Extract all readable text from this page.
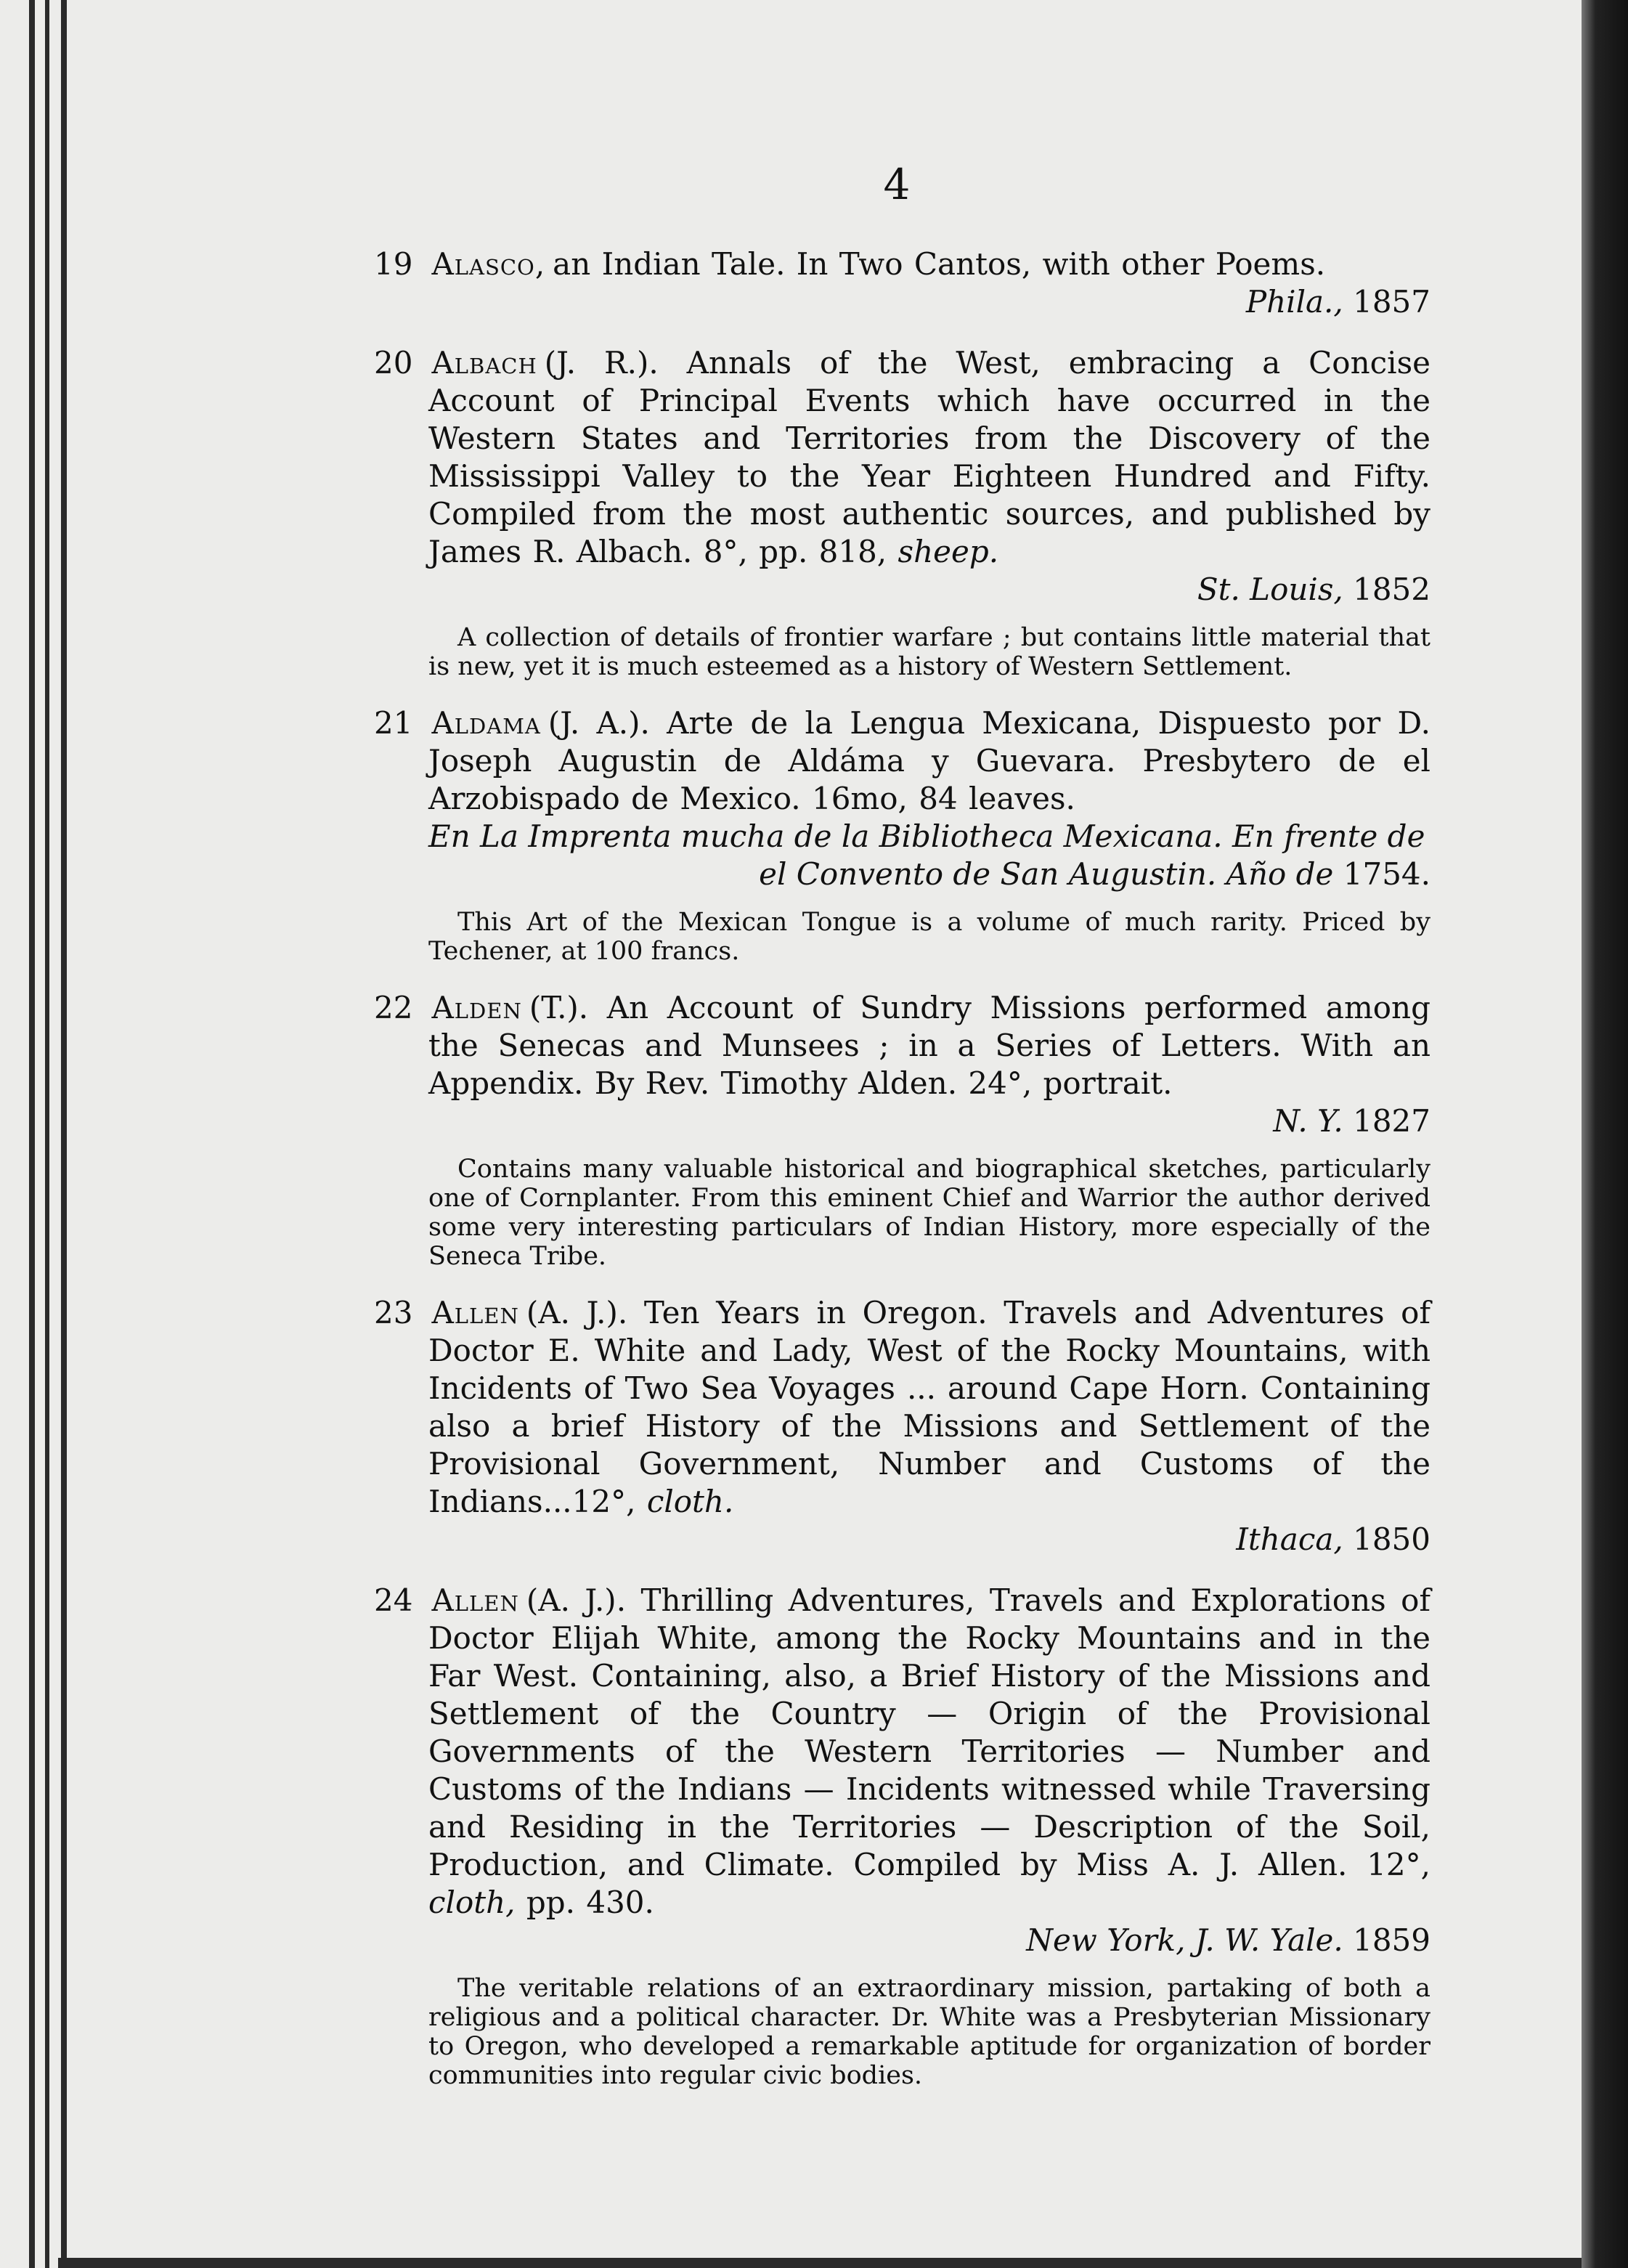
4
19 Alasco, an Indian Tale. In Two Cantos, with other Poems.
Phila., 1857
20 Albach (J. R.). Annals of the West, embracing a Concise Account of Principal Events which have occurred in the Western States and Territories from the Discovery of the Mississippi Valley to the Year Eighteen Hundred and Fifty. Compiled from the most authentic sources, and published by James R. Albach. 8°, pp. 818, sheep.
St. Louis, 1852
A collection of details of frontier warfare ; but contains little material that is new, yet it is much esteemed as a history of Western Settlement.
21 Aldama (J. A.). Arte de la Lengua Mexicana, Dispuesto por D. Joseph Augustin de Aldáma y Guevara. Presbytero de el Arzobispado de Mexico. 16mo, 84 leaves.
En La Imprenta mucha de la Bibliotheca Mexicana. En frente de
el Convento de San Augustin. Año de 1754.
This Art of the Mexican Tongue is a volume of much rarity. Priced by Techener, at 100 francs.
22 Alden (T.). An Account of Sundry Missions performed among the Senecas and Munsees ; in a Series of Letters. With an Appendix. By Rev. Timothy Alden. 24°, portrait.
N. Y. 1827
Contains many valuable historical and biographical sketches, particularly one of Cornplanter. From this eminent Chief and Warrior the author derived some very interesting particulars of Indian History, more especially of the Seneca Tribe.
23 Allen (A. J.). Ten Years in Oregon. Travels and Adventures of Doctor E. White and Lady, West of the Rocky Mountains, with Incidents of Two Sea Voyages ... around Cape Horn. Containing also a brief History of the Missions and Settlement of the Provisional Government, Number and Customs of the Indians...12°, cloth.
Ithaca, 1850
24 Allen (A. J.). Thrilling Adventures, Travels and Explorations of Doctor Elijah White, among the Rocky Mountains and in the Far West. Containing, also, a Brief History of the Missions and Settlement of the Country — Origin of the Provisional Governments of the Western Territories — Number and Customs of the Indians — Incidents witnessed while Traversing and Residing in the Territories — Description of the Soil, Production, and Climate. Compiled by Miss A. J. Allen. 12°, cloth, pp. 430.
New York, J. W. Yale. 1859
The veritable relations of an extraordinary mission, partaking of both a religious and a political character. Dr. White was a Presbyterian Missionary to Oregon, who developed a remarkable aptitude for organization of border communities into regular civic bodies.
